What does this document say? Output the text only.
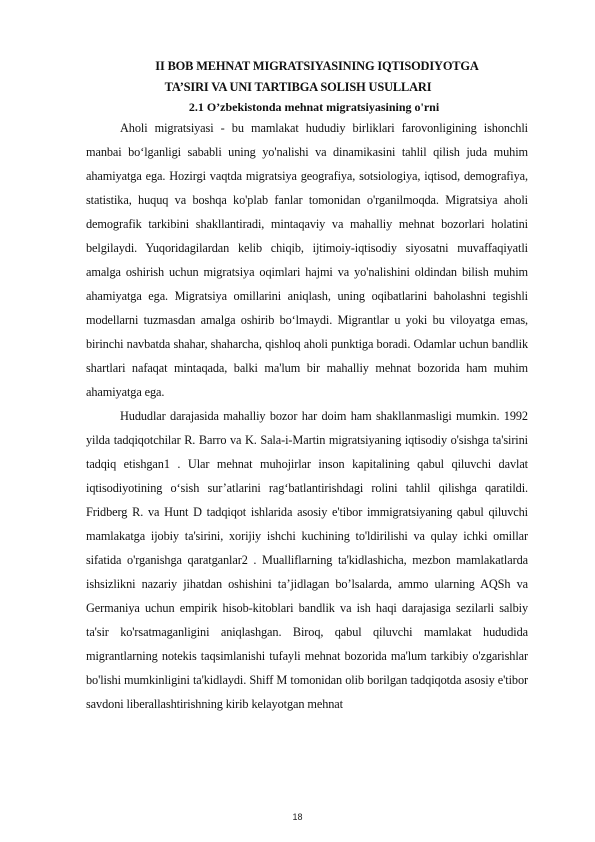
II BOB MEHNAT MIGRATSIYASINING IQTISODIYOTGA
TA’SIRI VA UNI TARTIBGA SOLISH USULLARI
2.1 O’zbekistonda mehnat migratsiyasining o'rni

Aholi migratsiyasi - bu mamlakat hududiy birliklari farovonligining ishonchli manbai bo‘lganligi sababli uning yo'nalishi va dinamikasini tahlil qilish juda muhim ahamiyatga ega. Hozirgi vaqtda migratsiya geografiya, sotsiologiya, iqtisod, demografiya, statistika, huquq va boshqa ko'plab fanlar tomonidan o'rganilmoqda. Migratsiya aholi demografik tarkibini shakllantiradi, mintaqaviy va mahalliy mehnat bozorlari holatini belgilaydi. Yuqoridagilardan kelib chiqib, ijtimoiy-iqtisodiy siyosatni muvaffaqiyatli amalga oshirish uchun migratsiya oqimlari hajmi va yo'nalishini oldindan bilish muhim ahamiyatga ega. Migratsiya omillarini aniqlash, uning oqibatlarini baholashni tegishli modellarni tuzmasdan amalga oshirib bo‘lmaydi. Migrantlar u yoki bu viloyatga emas, birinchi navbatda shahar, shaharcha, qishloq aholi punktiga boradi. Odamlar uchun bandlik shartlari nafaqat mintaqada, balki ma'lum bir mahalliy mehnat bozorida ham muhim ahamiyatga ega.

Hududlar darajasida mahalliy bozor har doim ham shakllanmasligi mumkin. 1992 yilda tadqiqotchilar R. Barro va K. Sala-i-Martin migratsiyaning iqtisodiy o'sishga ta'sirini tadqiq etishgan1 . Ular mehnat muhojirlar inson kapitalining qabul qiluvchi davlat iqtisodiyotining o‘sish sur’atlarini rag‘batlantirishdagi rolini tahlil qilishga qaratildi. Fridberg R. va Hunt D tadqiqot ishlarida asosiy e'tibor immigratsiyaning qabul qiluvchi mamlakatga ijobiy ta'sirini, xorijiy ishchi kuchining to'ldirilishi va qulay ichki omillar sifatida o'rganishga qaratganlar2 . Mualliflarning ta'kidlashicha, mezbon mamlakatlarda ishsizlikni nazariy jihatdan oshishini ta’jidlagan bo’lsalarda, ammo ularning AQSh va Germaniya uchun empirik hisob-kitoblari bandlik va ish haqi darajasiga sezilarli salbiy ta'sir ko'rsatmaganligini aniqlashgan. Biroq, qabul qiluvchi mamlakat hududida migrantlarning notekis taqsimlanishi tufayli mehnat bozorida ma'lum tarkibiy o'zgarishlar bo'lishi mumkinligini ta'kidlaydi. Shiff M tomonidan olib borilgan tadqiqotda asosiy e'tibor savdoni liberallashtirishning kirib kelayotgan mehnat

18
